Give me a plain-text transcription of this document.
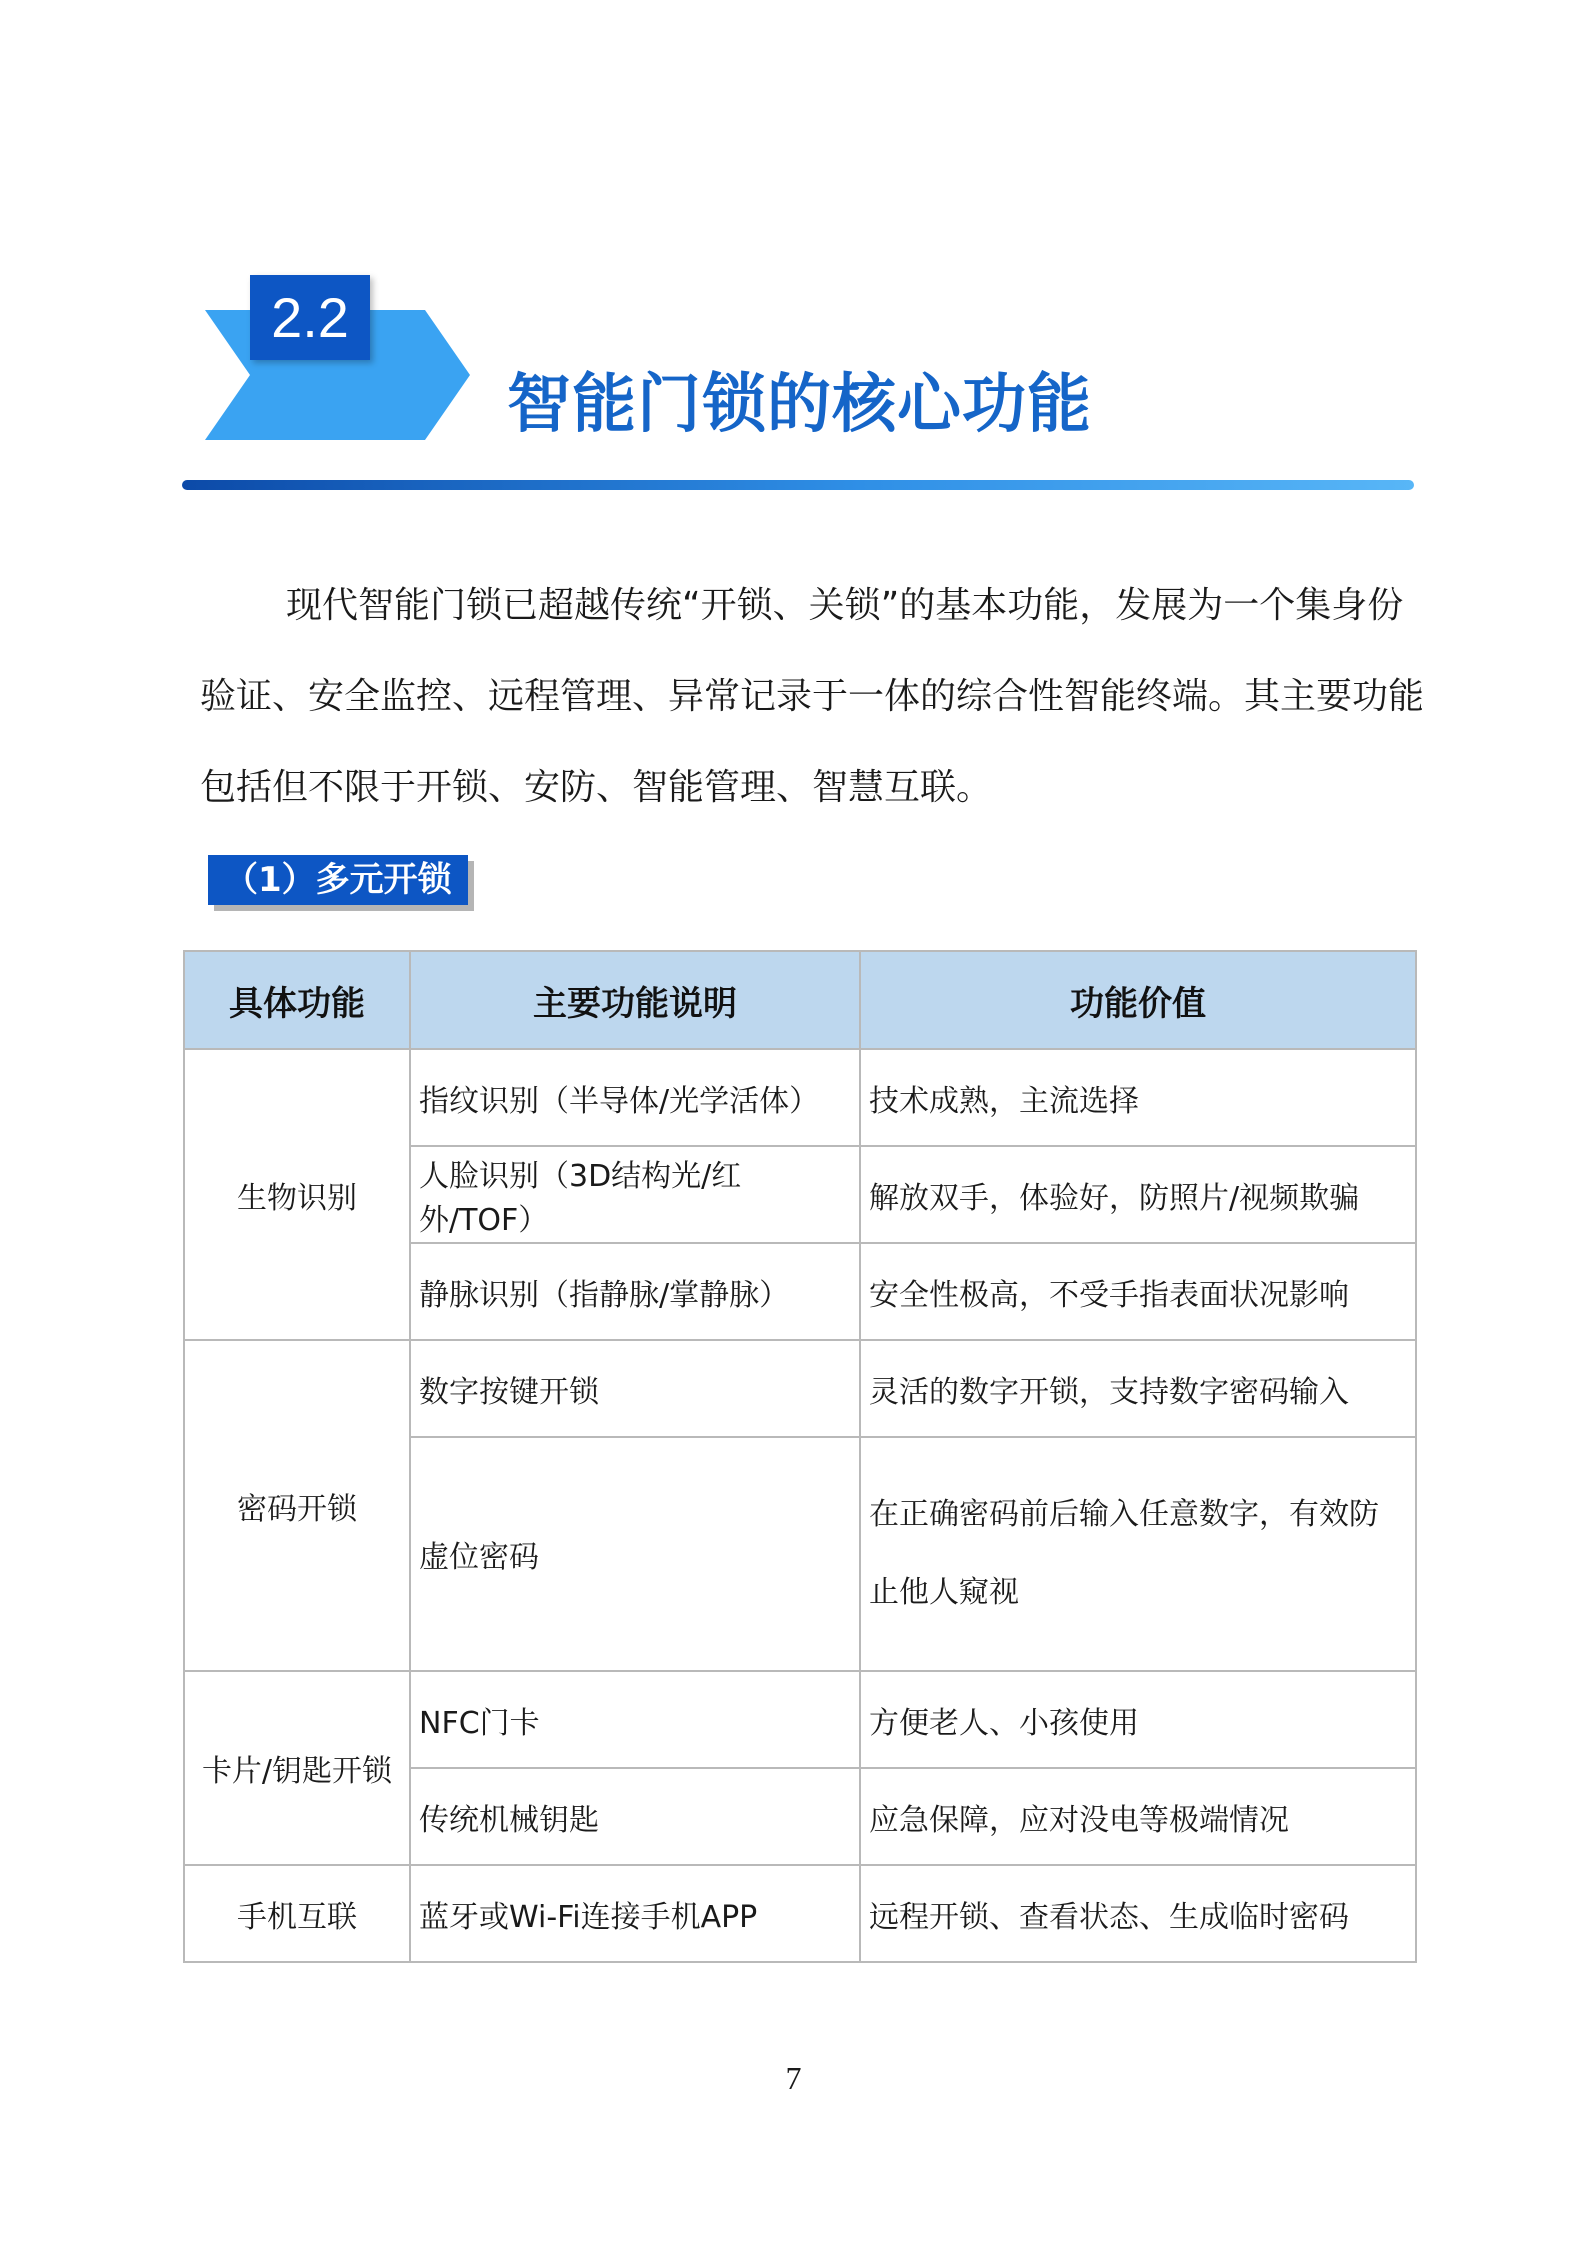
2.2
智能门锁的核心功能

现代智能门锁已超越传统“开锁、关锁”的基本功能，发展为一个集身份验证、安全监控、远程管理、异常记录于一体的综合性智能终端。其主要功能包括但不限于开锁、安防、智能管理、智慧互联。

（1）多元开锁
具体功能	主要功能说明	功能价值
生物识别	指纹识别（半导体/光学活体）	技术成熟，主流选择
	人脸识别（3D结构光/红外/TOF）	解放双手，体验好，防照片/视频欺骗
	静脉识别（指静脉/掌静脉）	安全性极高，不受手指表面状况影响
密码开锁	数字按键开锁	灵活的数字开锁，支持数字密码输入
	虚位密码	在正确密码前后输入任意数字，有效防止他人窥视
卡片/钥匙开锁	NFC门卡	方便老人、小孩使用
	传统机械钥匙	应急保障，应对没电等极端情况
手机互联	蓝牙或Wi-Fi连接手机APP	远程开锁、查看状态、生成临时密码
7
